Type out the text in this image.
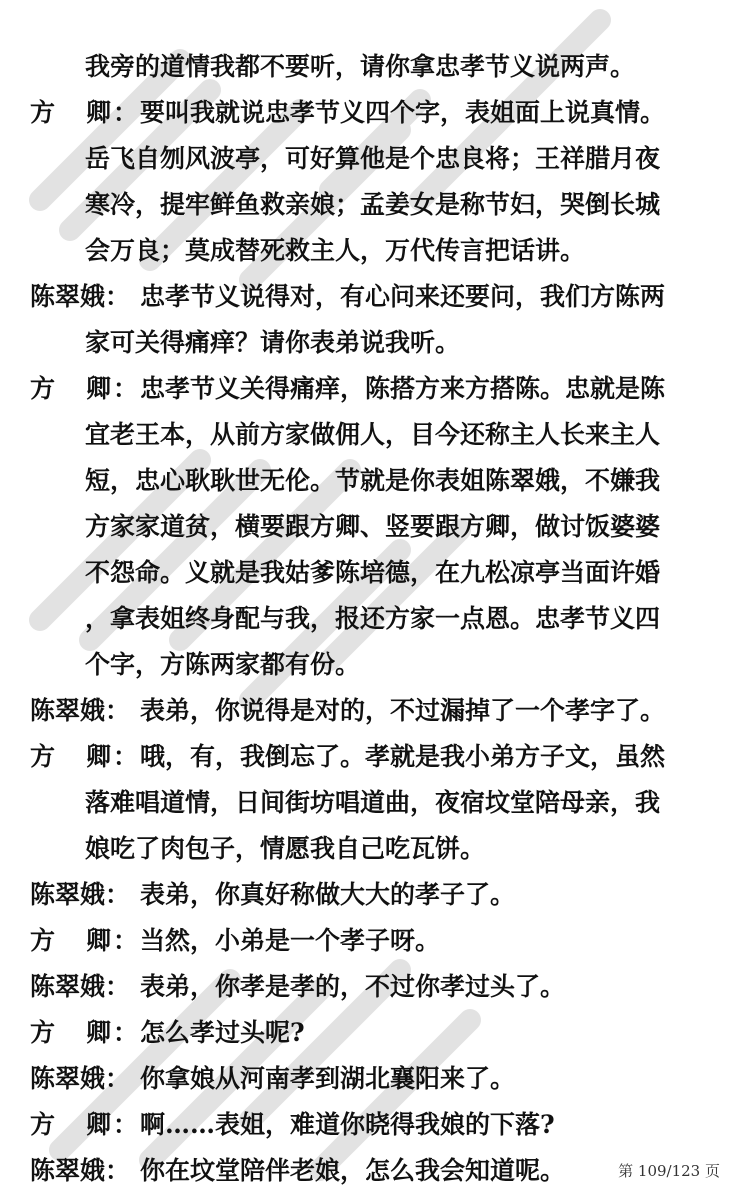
我旁的道情我都不要听，请你拿忠孝节义说两声。
方 卿 ： 要叫我就说忠孝节义四个字，表姐面上说真情。
岳飞自刎风波亭，可好算他是个忠良将；王祥腊月夜
寒冷，提牢鲜鱼救亲娘；孟姜女是称节妇，哭倒长城
会万良；莫成替死救主人，万代传言把话讲。
陈翠娥： 忠孝节义说得对，有心问来还要问，我们方陈两
家可关得痛痒？请你表弟说我听。
方 卿 ： 忠孝节义关得痛痒，陈搭方来方搭陈。忠就是陈
宜老王本，从前方家做佣人，目今还称主人长来主人
短，忠心耿耿世无伦。节就是你表姐陈翠娥，不嫌我
方家家道贫，横要跟方卿、竖要跟方卿，做讨饭婆婆
不怨命。义就是我姑爹陈培德，在九松凉亭当面许婚
，拿表姐终身配与我，报还方家一点恩。忠孝节义四
个字，方陈两家都有份。
陈翠娥： 表弟，你说得是对的，不过漏掉了一个孝字了。
方 卿 ： 哦，有，我倒忘了。孝就是我小弟方子文，虽然
落难唱道情，日间街坊唱道曲，夜宿坟堂陪母亲，我
娘吃了肉包子，情愿我自己吃瓦饼。
陈翠娥： 表弟，你真好称做大大的孝子了。
方 卿 ： 当然，小弟是一个孝子呀。
陈翠娥： 表弟，你孝是孝的，不过你孝过头了。
方 卿 ： 怎么孝过头呢?
陈翠娥： 你拿娘从河南孝到湖北襄阳来了。
方 卿 ： 啊……表姐，难道你晓得我娘的下落?
陈翠娥： 你在坟堂陪伴老娘，怎么我会知道呢。	第 109/123 页
